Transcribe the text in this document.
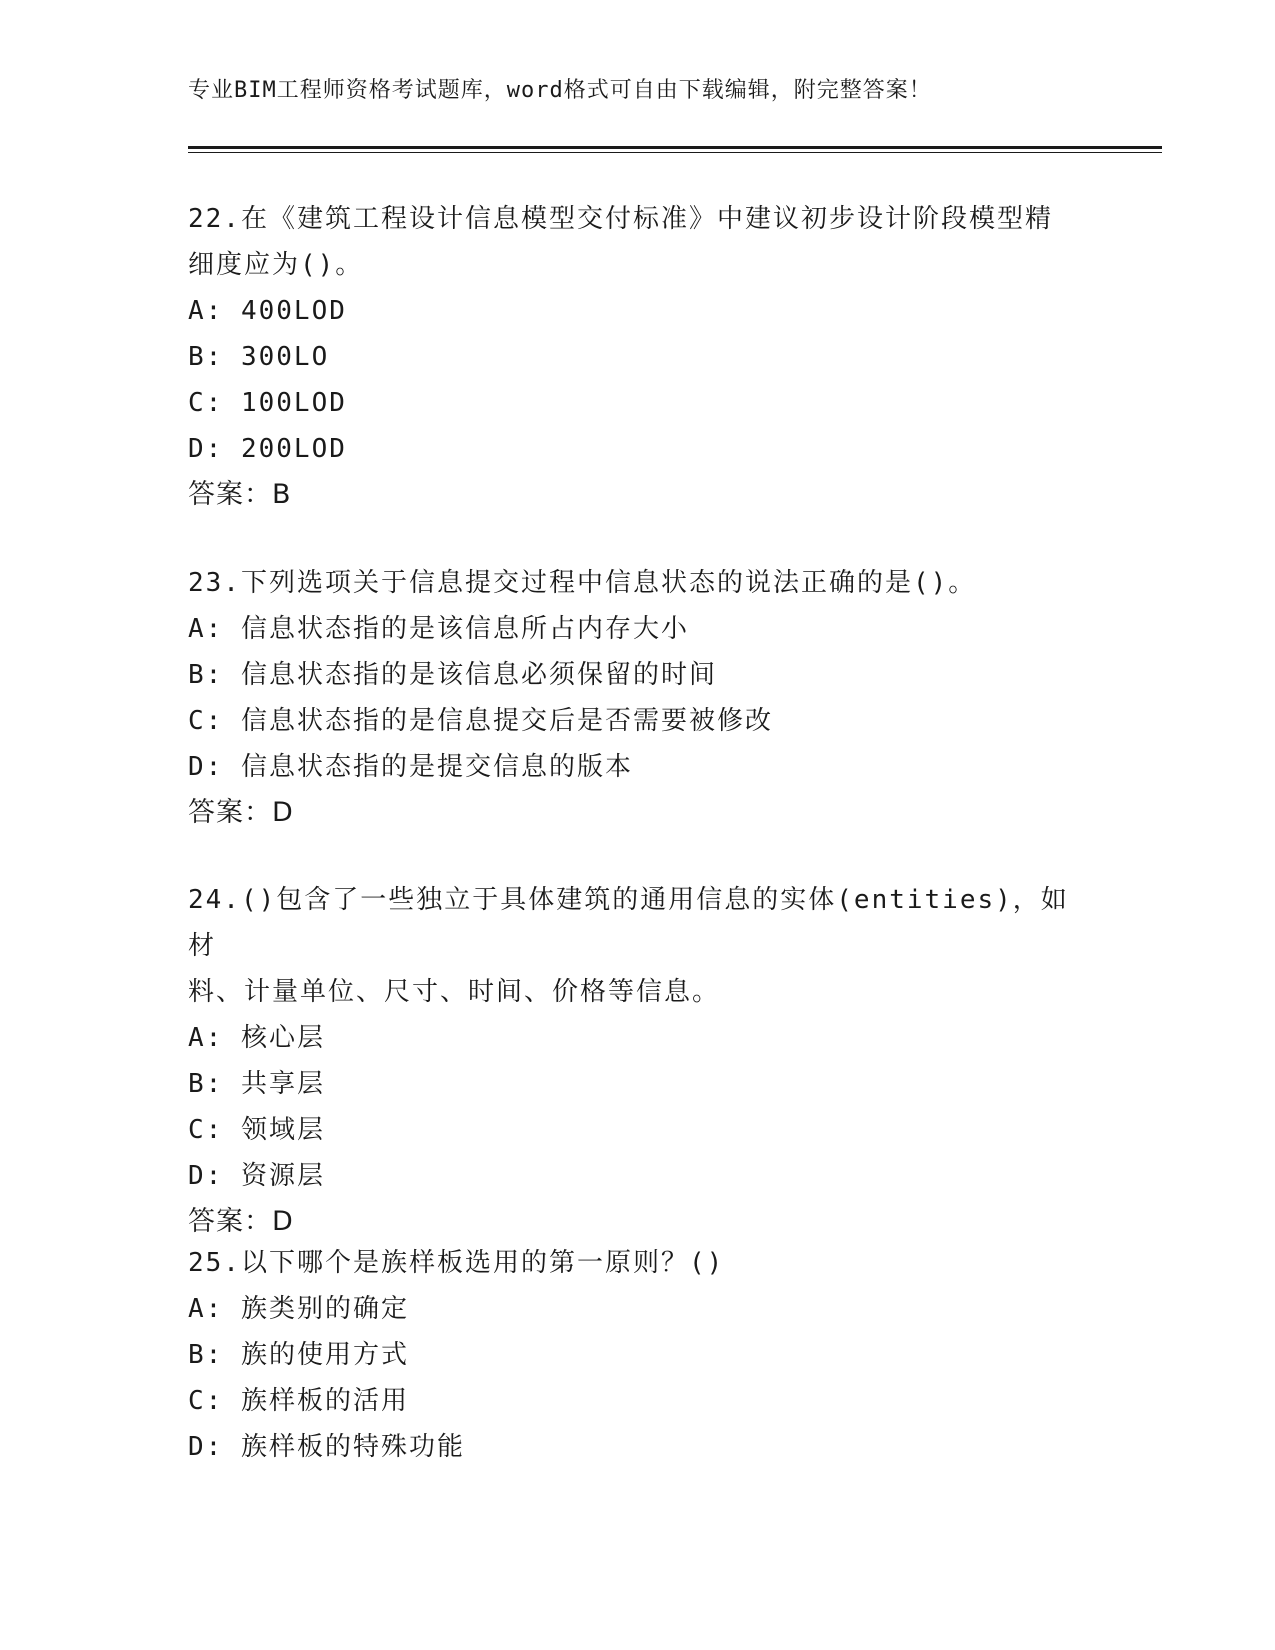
专业BIM工程师资格考试题库，word格式可自由下载编辑，附完整答案！

22.在《建筑工程设计信息模型交付标准》中建议初步设计阶段模型精

细度应为()。

A: 400LOD

B: 300LO

C: 100LOD

D: 200LOD

答案：B

23.下列选项关于信息提交过程中信息状态的说法正确的是()。

A: 信息状态指的是该信息所占内存大小

B: 信息状态指的是该信息必须保留的时间

C: 信息状态指的是信息提交后是否需要被修改

D: 信息状态指的是提交信息的版本

答案：D

24.()包含了一些独立于具体建筑的通用信息的实体(entities)，如材

料、计量单位、尺寸、时间、价格等信息。

A: 核心层

B: 共享层

C: 领域层

D: 资源层

答案：D

25.以下哪个是族样板选用的第一原则？()

A: 族类别的确定

B: 族的使用方式

C: 族样板的活用

D: 族样板的特殊功能
